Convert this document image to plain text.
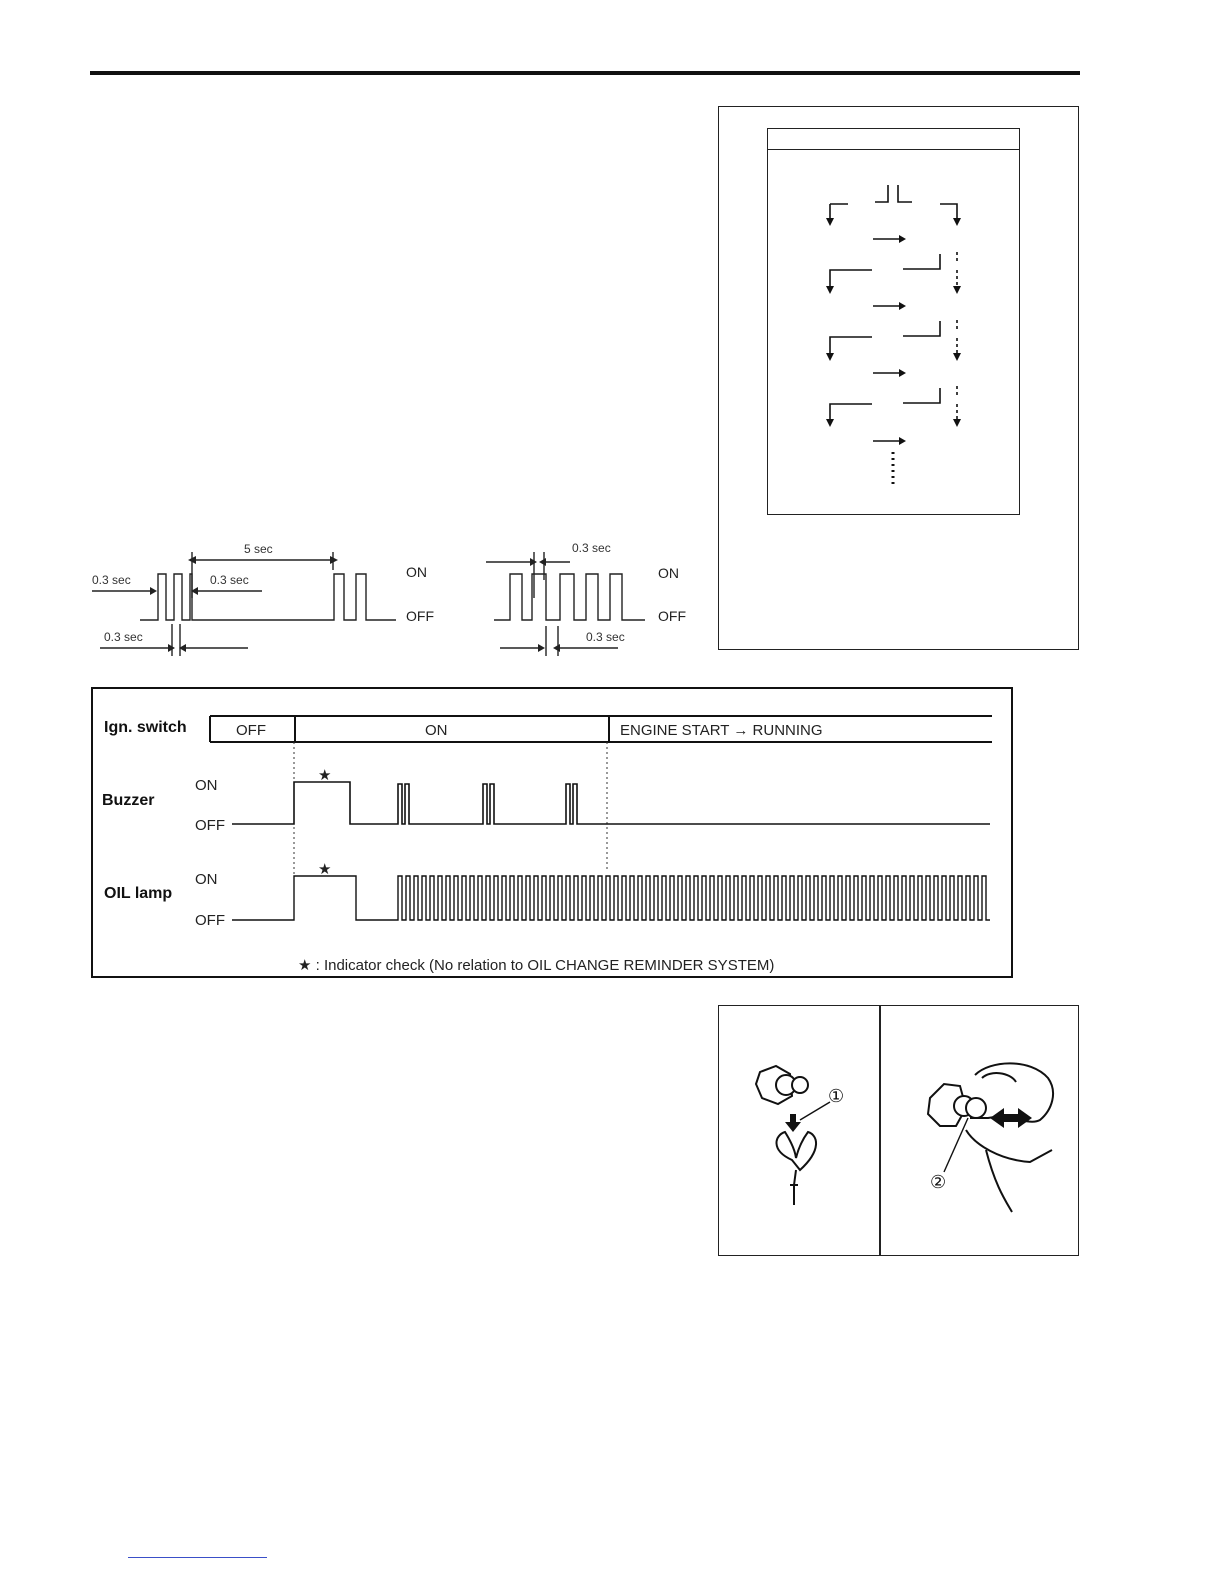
5 sec
0.3 sec	0.3 sec
0.3 sec
ON
OFF
0.3 sec
0.3 sec
ON
OFF
Ign. switch	OFF	ON	ENGINE START → RUNNING
Buzzer
ON
OFF
★
OIL lamp
ON
OFF
★
★ : Indicator check (No relation to OIL CHANGE REMINDER SYSTEM)
①
②
